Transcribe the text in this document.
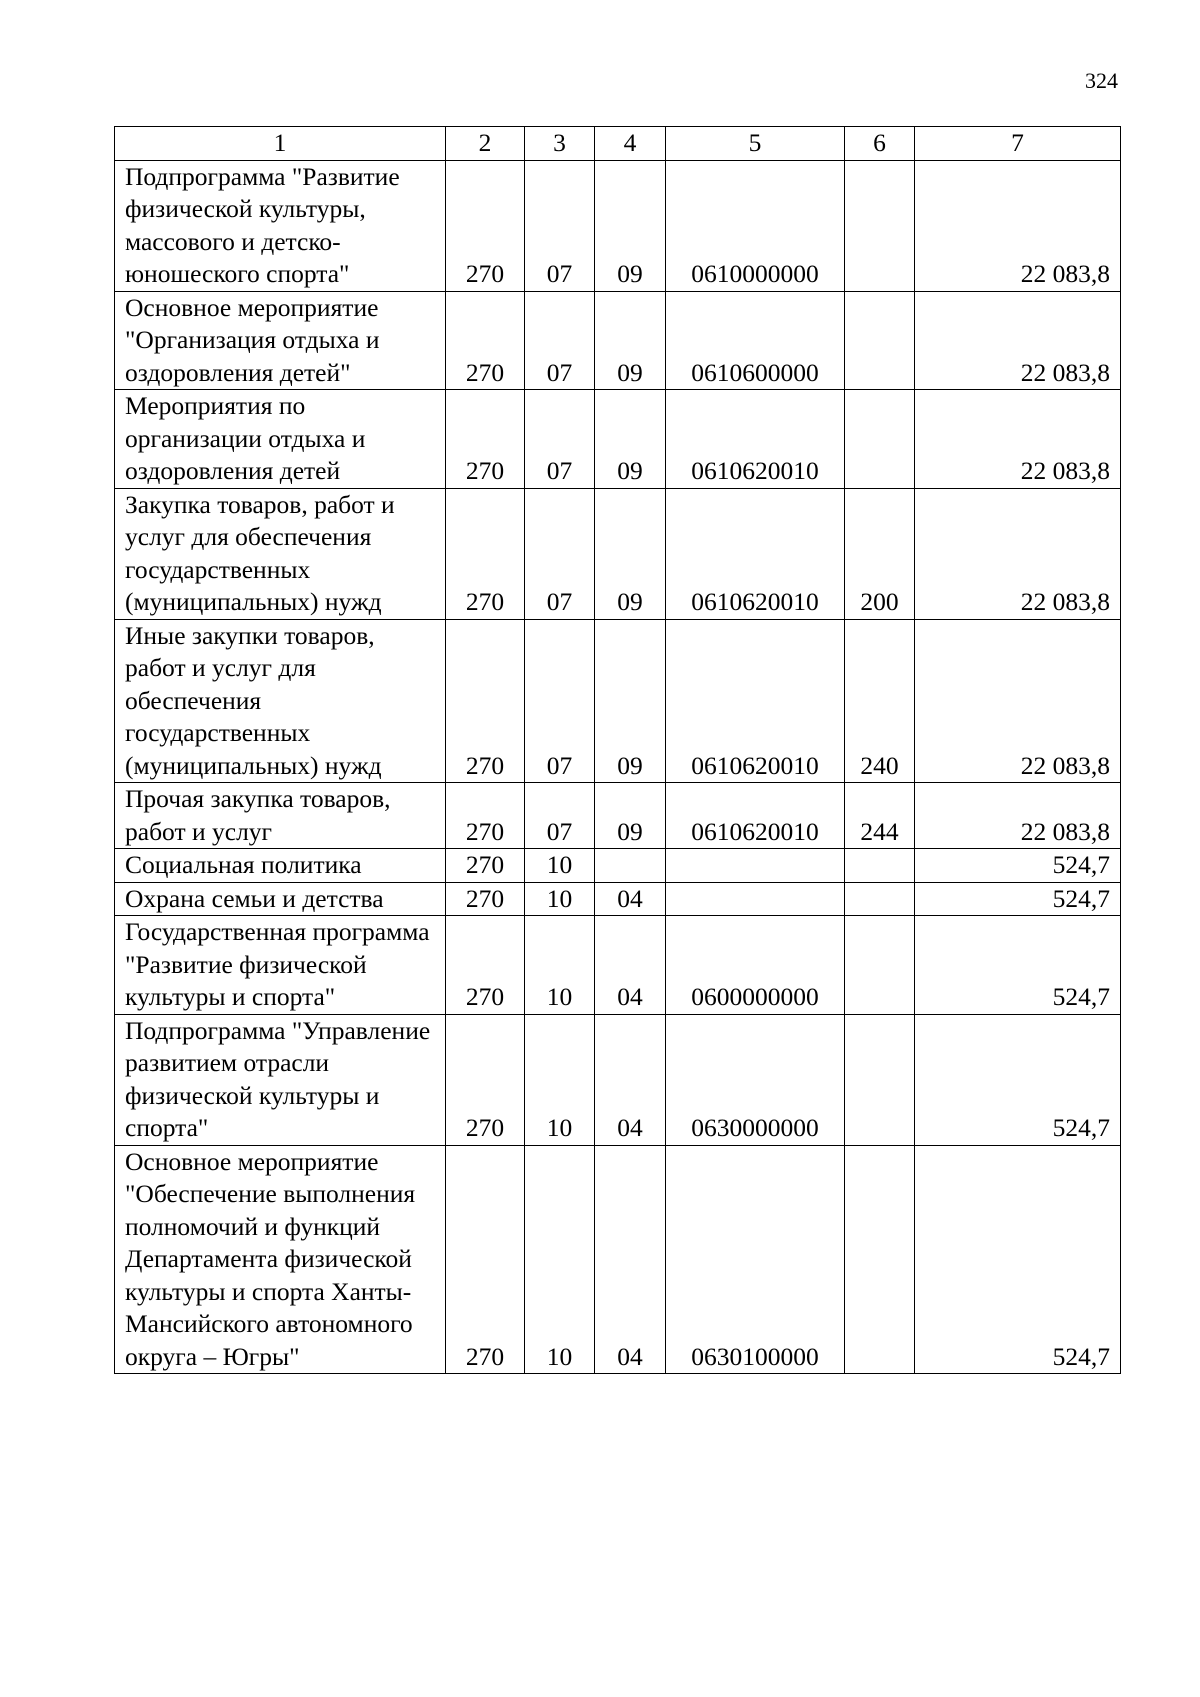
324
1	2	3	4	5	6	7
Подпрограмма "Развитие физической культуры, массового и детско-юношеского спорта"	270	07	09	0610000000		22 083,8
Основное мероприятие "Организация отдыха и оздоровления детей"	270	07	09	0610600000		22 083,8
Мероприятия по организации отдыха и оздоровления детей	270	07	09	0610620010		22 083,8
Закупка товаров, работ и услуг для обеспечения государственных (муниципальных) нужд	270	07	09	0610620010	200	22 083,8
Иные закупки товаров, работ и услуг для обеспечения государственных (муниципальных) нужд	270	07	09	0610620010	240	22 083,8
Прочая закупка товаров, работ и услуг	270	07	09	0610620010	244	22 083,8
Социальная политика	270	10				524,7
Охрана семьи и детства	270	10	04			524,7
Государственная программа "Развитие физической культуры и спорта"	270	10	04	0600000000		524,7
Подпрограмма "Управление развитием отрасли физической культуры и спорта"	270	10	04	0630000000		524,7
Основное мероприятие "Обеспечение выполнения полномочий и функций Департамента физической культуры и спорта Ханты-Мансийского автономного округа – Югры"	270	10	04	0630100000		524,7
